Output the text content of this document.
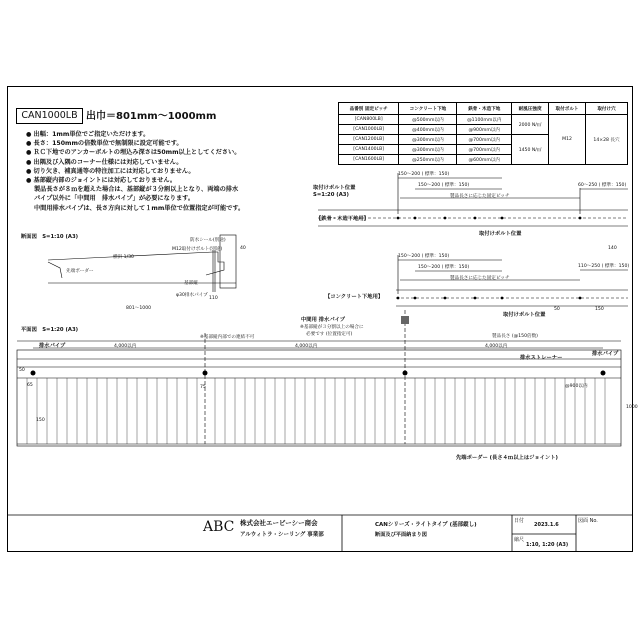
CAN1000LB 出巾＝801mm～1000mm
● 出幅：1mm単位でご指定いただけます。
● 長さ：150mmの倍数単位で無制限に設定可能です。
● ＲＣ下地でのアンカーボルトの埋込み深さは50mm以上としてください。
● 出隅及び入隅のコーナー仕様には対応していません。
● 切り欠き、補真通等の特注加工には対応しておりません。
● 基部縦内部のジョイントには対応しておりません。
製品長さが８ｍを超えた場合は、基部縦が３分割以上となり、両端の排水
パイプ以外に「中間用　排水パイプ」が必要になります。
中間用排水パイプは、長さ方向に対して１mm単位で位置指定が可能です。
品番別 固定ピッチ	コンクリート下地	鉄骨・木造下地	耐風圧強度	取付ボルト	取付け穴
[CAN800LB]	@500mm以内	@1100mm以内	2000 N/㎡	M12	14×28 長穴
[CAN1000LB]	@400mm以内	@900mm以内			
[CAN1200LB]	@300mm以内	@700mm以内	1450 N/㎡		
[CAN1400LB]	@300mm以内	@700mm以内			
[CAN1600LB]	@250mm以内	@600mm以内			
取付けボルト位置
S=1:20 (A3)
【鉄骨・木造下地用】
取付けボルト位置
150～200 ( 標準：150)
150～200 ( 標準：150)
製品長さに応じた固定ピッチ
60～250 ( 標準：150)
【コンクリート下地用】
取付けボルト位置
150～200 ( 標準：150)
150～200 ( 標準：150)
製品長さに応じた固定ピッチ
110～250 ( 標準：150)
50	150
140
断面図　S=1:10 (A3)
防水シール(別途)
M12取付けボルト(別途)
横斜 1/30
先端ボーダー
基部縦
φ30排水パイプ
801～1000
40
110
平面図　S=1:20 (A3)
排水パイプ
排水パイプ
※基部縦内部での連結不可
中間用 排水パイプ
※基部縦が３分割以上の場合に
必要です (位置指定可)
4,000以内	4,000以内	4,000以内
製品長さ (@150倍数)
排水ストレーナー
先端ボーダー (長さ４ｍ以上はジョイント)
@900以内
75
150
1000
50
65
ABC 株式会社エービーシー商会
アルウィトラ・シーリング 事業部
CANシリーズ・ライトタイプ (基部縦し)
断面及び平面納まり図
日付
2023.1.6
縮尺
1:10, 1:20 (A3)
図面 No.
